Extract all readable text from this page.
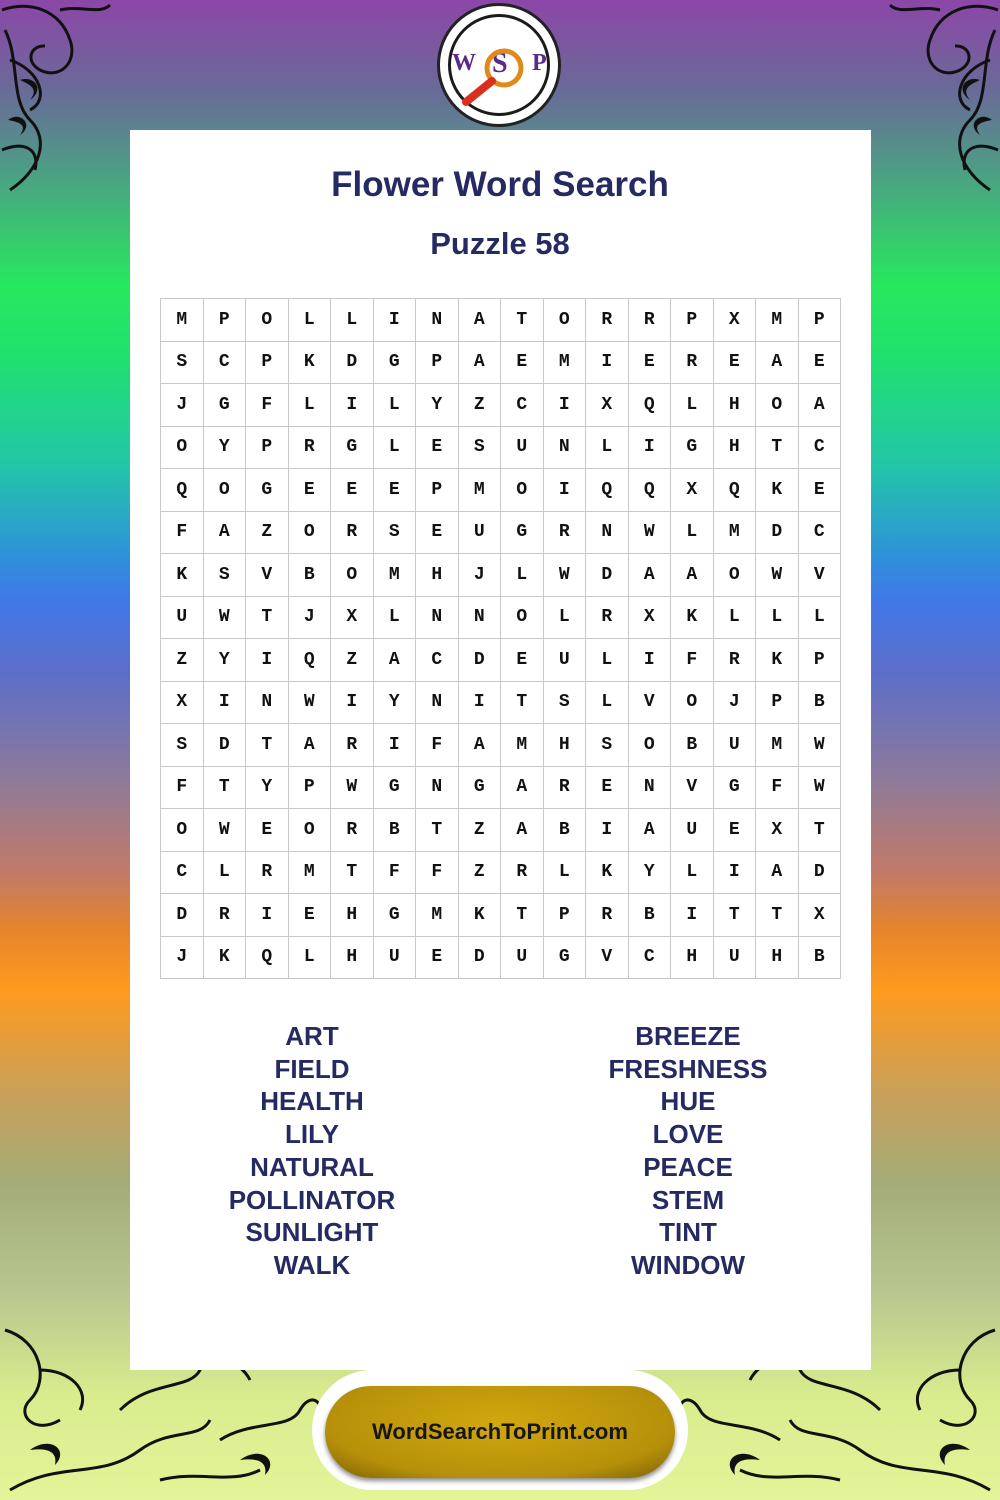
W S P
Flower Word Search
Puzzle 58
M	P	O	L	L	I	N	A	T	O	R	R	P	X	M	P
S	C	P	K	D	G	P	A	E	M	I	E	R	E	A	E
J	G	F	L	I	L	Y	Z	C	I	X	Q	L	H	O	A
O	Y	P	R	G	L	E	S	U	N	L	I	G	H	T	C
Q	O	G	E	E	E	P	M	O	I	Q	Q	X	Q	K	E
F	A	Z	O	R	S	E	U	G	R	N	W	L	M	D	C
K	S	V	B	O	M	H	J	L	W	D	A	A	O	W	V
U	W	T	J	X	L	N	N	O	L	R	X	K	L	L	L
Z	Y	I	Q	Z	A	C	D	E	U	L	I	F	R	K	P
X	I	N	W	I	Y	N	I	T	S	L	V	O	J	P	B
S	D	T	A	R	I	F	A	M	H	S	O	B	U	M	W
F	T	Y	P	W	G	N	G	A	R	E	N	V	G	F	W
O	W	E	O	R	B	T	Z	A	B	I	A	U	E	X	T
C	L	R	M	T	F	F	Z	R	L	K	Y	L	I	A	D
D	R	I	E	H	G	M	K	T	P	R	B	I	T	T	X
J	K	Q	L	H	U	E	D	U	G	V	C	H	U	H	B
ART
FIELD
HEALTH
LILY
NATURAL
POLLINATOR
SUNLIGHT
WALK
BREEZE
FRESHNESS
HUE
LOVE
PEACE
STEM
TINT
WINDOW
WordSearchToPrint.com
